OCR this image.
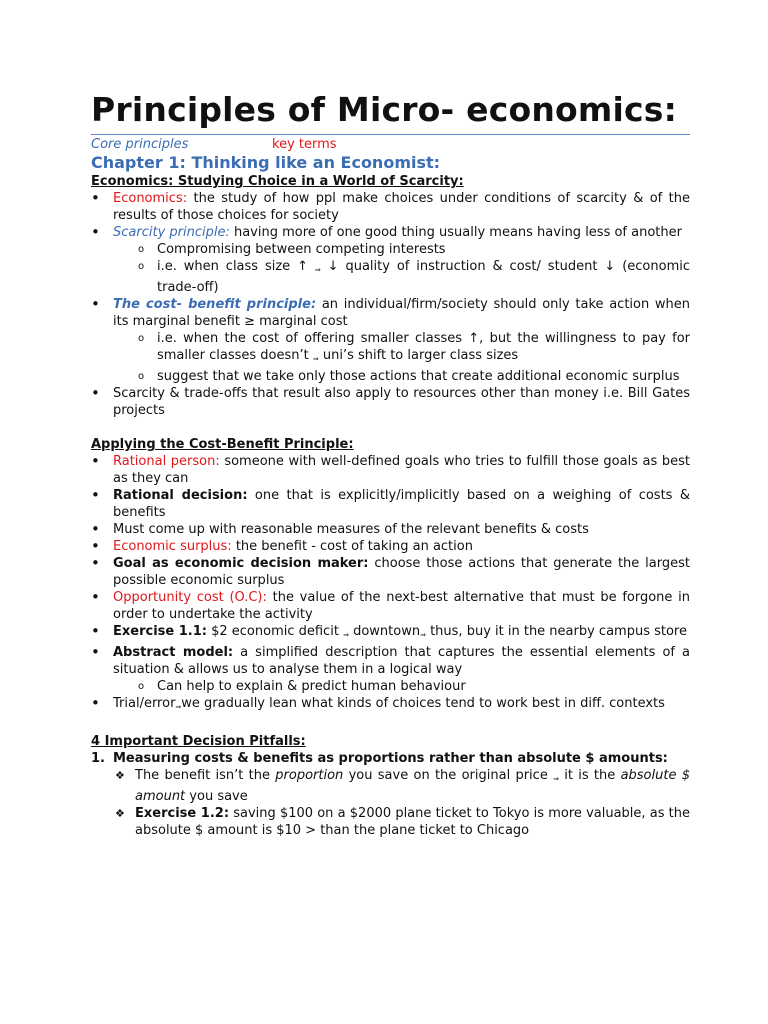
Principles of Micro- economics:
Core principles	key terms
Chapter 1: Thinking like an Economist:

Economics: Studying Choice in a World of Scarcity:

• Economics: the study of how ppl make choices under conditions of scarcity & of the results of those choices for society
• Scarcity principle: having more of one good thing usually means having less of another
o Compromising between competing interests
o i.e. when class size ↑ ⇒ ↓ quality of instruction & cost/ student ↓ (economic trade-off)
• The cost- benefit principle: an individual/firm/society should only take action when its marginal benefit ≥ marginal cost
o i.e. when the cost of offering smaller classes ↑, but the willingness to pay for smaller classes doesn’t ⇒ uni’s shift to larger class sizes
o suggest that we take only those actions that create additional economic surplus
• Scarcity & trade-offs that result also apply to resources other than money i.e. Bill Gates projects

Applying the Cost-Benefit Principle:

• Rational person: someone with well-defined goals who tries to fulfill those goals as best as they can
• Rational decision: one that is explicitly/implicitly based on a weighing of costs & benefits
• Must come up with reasonable measures of the relevant benefits & costs
• Economic surplus: the benefit - cost of taking an action
• Goal as economic decision maker: choose those actions that generate the largest possible economic surplus
• Opportunity cost (O.C): the value of the next-best alternative that must be forgone in order to undertake the activity
• Exercise 1.1: $2 economic deficit ⇒ downtown⇒ thus, buy it in the nearby campus store
• Abstract model: a simplified description that captures the essential elements of a situation & allows us to analyse them in a logical way
o Can help to explain & predict human behaviour
• Trial/error⇒we gradually lean what kinds of choices tend to work best in diff. contexts

4 Important Decision Pitfalls:

1. Measuring costs & benefits as proportions rather than absolute $ amounts:
❖ The benefit isn’t the proportion you save on the original price ⇒ it is the absolute $ amount you save
❖ Exercise 1.2: saving $100 on a $2000 plane ticket to Tokyo is more valuable, as the absolute $ amount is $10 > than the plane ticket to Chicago
